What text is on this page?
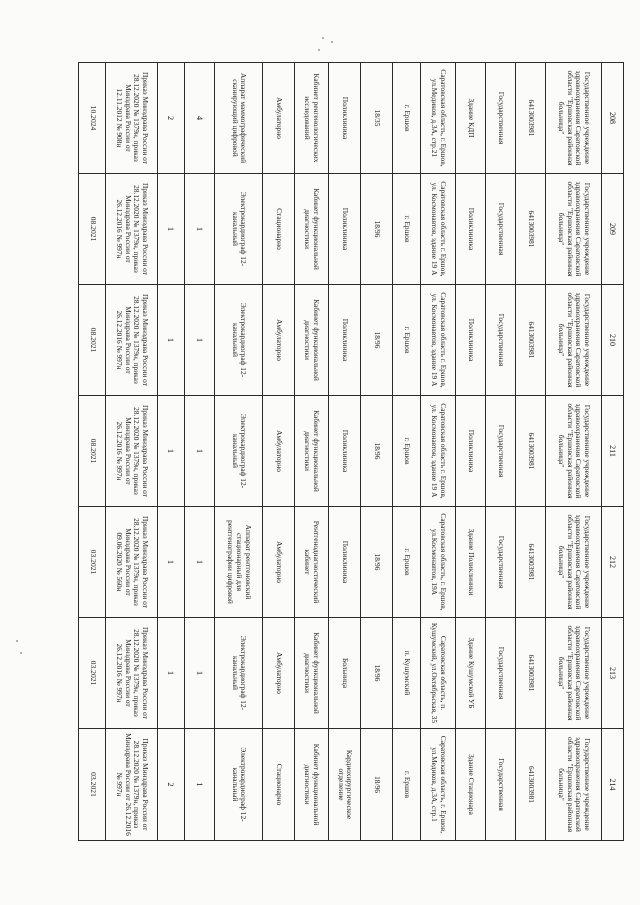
208	209	210	211	212	213	214
Государственное учреждение здравоохранения Саратовской области "Ершовская районная больница"	Государственное учреждение здравоохранения Саратовской области "Ершовская районная больница"	Государственное учреждение здравоохранения Саратовской области "Ершовская районная больница"	Государственное учреждение здравоохранения Саратовской области "Ершовская районная больница"	Государственное учреждение здравоохранения Саратовской области "Ершовская районная больница"	Государственное учреждение здравоохранения Саратовской области "Ершовская районная больница"	Государственное учреждение здравоохранения Саратовской области "Ершовская районная больница"
6413003981	6413003981	6413003981	6413003981	6413003981	6413003981	6413003981
Государственная	Государственная	Государственная	Государственная	Государственная	Государственная	Государственная
Здание КДП	Поликлиника	Поликлиника	Поликлиника	Здание Поликлиники	Здание Кушумской УБ	Здание Стационара
Саратовская область, г. Ершов, ул.Медиков, д.3А, стр.21	Саратовская область г. Ершов, ул. Космонавтов, здание 19 А	Саратовская область г. Ершов, ул. Космонавтов, здание 19 А	Саратовская область г. Ершов, ул. Космонавтов, здание 19 А	Саратовская область, г. Ершов, ул.Космонавтов, 19А	Саратовская область, п. Кушумский, ул.Октябрьская, 35	Саратовская область, г. Ершов, ул.Медиков, д.3А, стр.1
г. Ершов	г. Ершов	г. Ершов	г. Ершов	г. Ершов	п. Кушумский	г. Ершов
18/35	18/96	18/96	18/96	18/96	18/96	18/96
Поликлиника	Поликлиника	Поликлиника	Поликлиника	Поликлиника	Больница	Кардиохирургическое отделение
Кабинет ренгенологических исследований	Кабинет функциональной диагностики	Кабинет функциональной диагностики	Кабинет функциональной диагностики	Рентгенодиагностический кабинет	Кабинет функциональной диагностики	Кабинет функциональной диагностики
Амбулаторно	Стационарно	Амбулаторно	Амбулаторно	Амбулаторно	Амбулаторно	Стационарно
Аппарат маммографический сканирующий цифровой	Электрокардиограф 12-канальный	Электрокардиограф 12-канальный	Электрокардиограф 12-канальный	Аппарат рентгеновский стационарный для рентгенографии цифровой	Электрокардиограф 12-канальный	Электрокардиограф 12-канальный
4	1	1	1	1	1	1
2	1	1	1	1	1	2
Приказ Минздрава России от 28.12.2020 № 1379н, приказ Минздрава России от 12.11.2012 № 908н	Приказ Минздрава России от 28.12.2020 № 1379н, приказ Минздрава России от 26.12.2016 № 997н	Приказ Минздрава России от 28.12.2020 № 1379н, приказ Минздрава России от 26.12.2016 № 997н	Приказ Минздрава России от 28.12.2020 № 1379н, приказ Минздрава России от 26.12.2016 № 997н	Приказ Минздрава России от 28.12.2020 № 1379н, приказ Минздрава России от 09.06.2020 № 560н	Приказ Минздрава России от 28.12.2020 № 1379н, приказ Минздрава России от 26.12.2016 № 997н	Приказ Минздрава России от 28.12.2020 № 1379н, приказ Минздрава России от 26.12.2016 № 997н
10.2024	08.2021	08.2021	08.2021	03.2021	03.2021	03.2021
